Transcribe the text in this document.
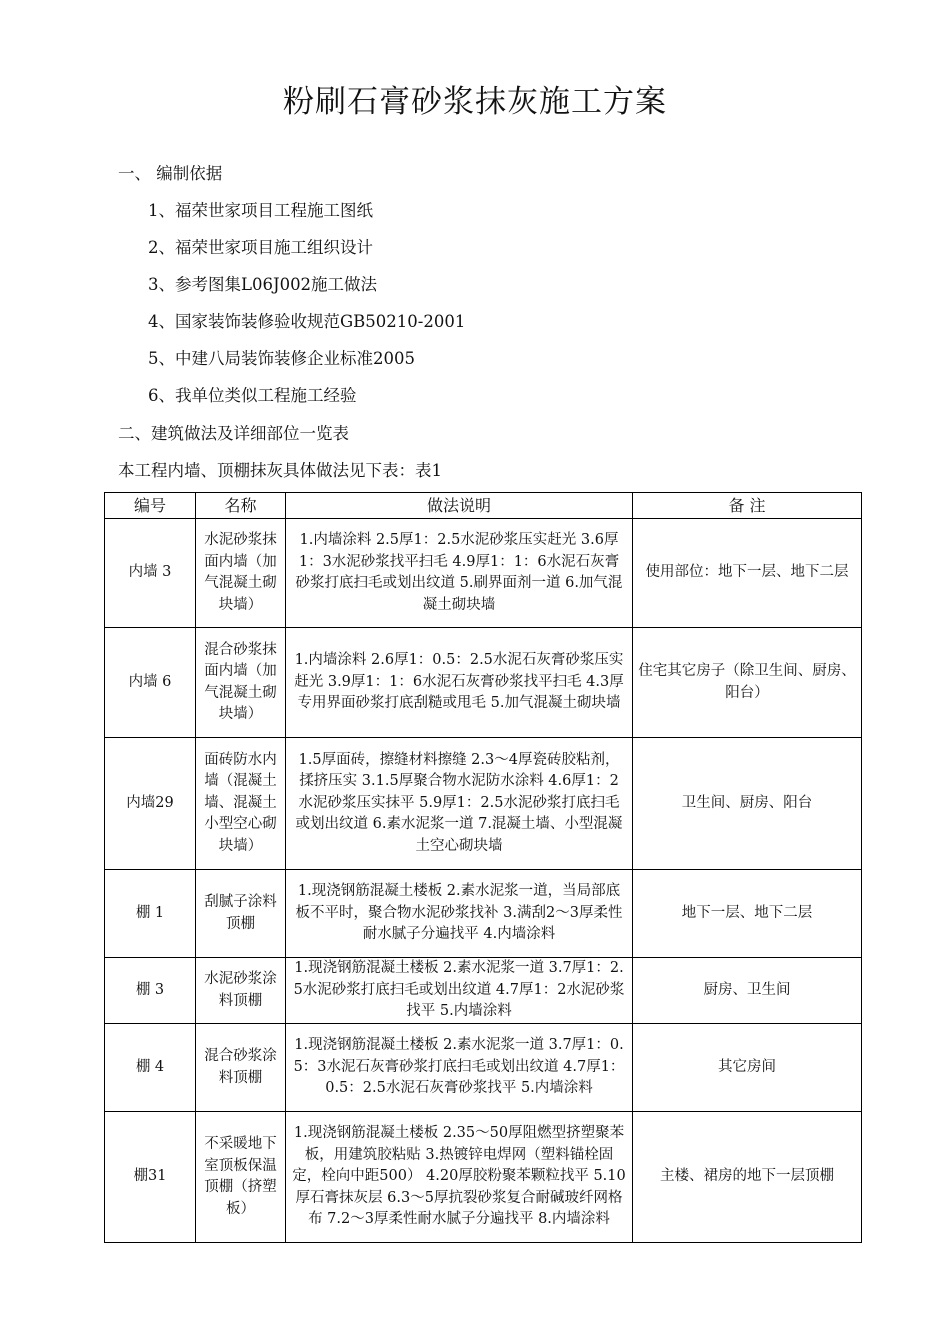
粉刷石膏砂浆抹灰施工方案
一、 编制依据
1、福荣世家项目工程施工图纸
2、福荣世家项目施工组织设计
3、参考图集L06J002施工做法
4、国家装饰装修验收规范GB50210-2001
5、中建八局装饰装修企业标准2005
6、我单位类似工程施工经验
二、建筑做法及详细部位一览表
本工程内墙、顶棚抹灰具体做法见下表：表1
编号	名称	做法说明	备 注
内墙 3	水泥砂浆抹面内墙（加气混凝土砌块墙）	1.内墙涂料 2.5厚1：2.5水泥砂浆压实赶光 3.6厚1：3水泥砂浆找平扫毛 4.9厚1：1：6水泥石灰膏砂浆打底扫毛或划出纹道 5.刷界面剂一道 6.加气混凝土砌块墙	使用部位：地下一层、地下二层
内墙 6	混合砂浆抹面内墙（加气混凝土砌块墙）	1.内墙涂料 2.6厚1：0.5：2.5水泥石灰膏砂浆压实赶光 3.9厚1：1：6水泥石灰膏砂浆找平扫毛 4.3厚专用界面砂浆打底刮糙或甩毛 5.加气混凝土砌块墙	住宅其它房子（除卫生间、厨房、阳台）
内墙29	面砖防水内墙（混凝土墙、混凝土小型空心砌块墙）	1.5厚面砖，擦缝材料擦缝 2.3～4厚瓷砖胶粘剂，揉挤压实 3.1.5厚聚合物水泥防水涂料 4.6厚1：2水泥砂浆压实抹平 5.9厚1：2.5水泥砂浆打底扫毛或划出纹道 6.素水泥浆一道 7.混凝土墙、小型混凝土空心砌块墙	卫生间、厨房、阳台
棚 1	刮腻子涂料顶棚	1.现浇钢筋混凝土楼板 2.素水泥浆一道，当局部底板不平时，聚合物水泥砂浆找补 3.满刮2～3厚柔性耐水腻子分遍找平 4.内墙涂料	地下一层、地下二层
棚 3	水泥砂浆涂料顶棚	1.现浇钢筋混凝土楼板 2.素水泥浆一道 3.7厚1：2.5水泥砂浆打底扫毛或划出纹道 4.7厚1：2水泥砂浆找平 5.内墙涂料	厨房、卫生间
棚 4	混合砂浆涂料顶棚	1.现浇钢筋混凝土楼板 2.素水泥浆一道 3.7厚1：0.5：3水泥石灰膏砂浆打底扫毛或划出纹道 4.7厚1：0.5：2.5水泥石灰膏砂浆找平 5.内墙涂料	其它房间
棚31	不采暖地下室顶板保温顶棚（挤塑板）	1.现浇钢筋混凝土楼板 2.35～50厚阻燃型挤塑聚苯板，用建筑胶粘贴 3.热镀锌电焊网（塑料锚栓固定，栓向中距500） 4.20厚胶粉聚苯颗粒找平 5.10厚石膏抹灰层 6.3～5厚抗裂砂浆复合耐碱玻纤网格布 7.2～3厚柔性耐水腻子分遍找平 8.内墙涂料	主楼、裙房的地下一层顶棚
